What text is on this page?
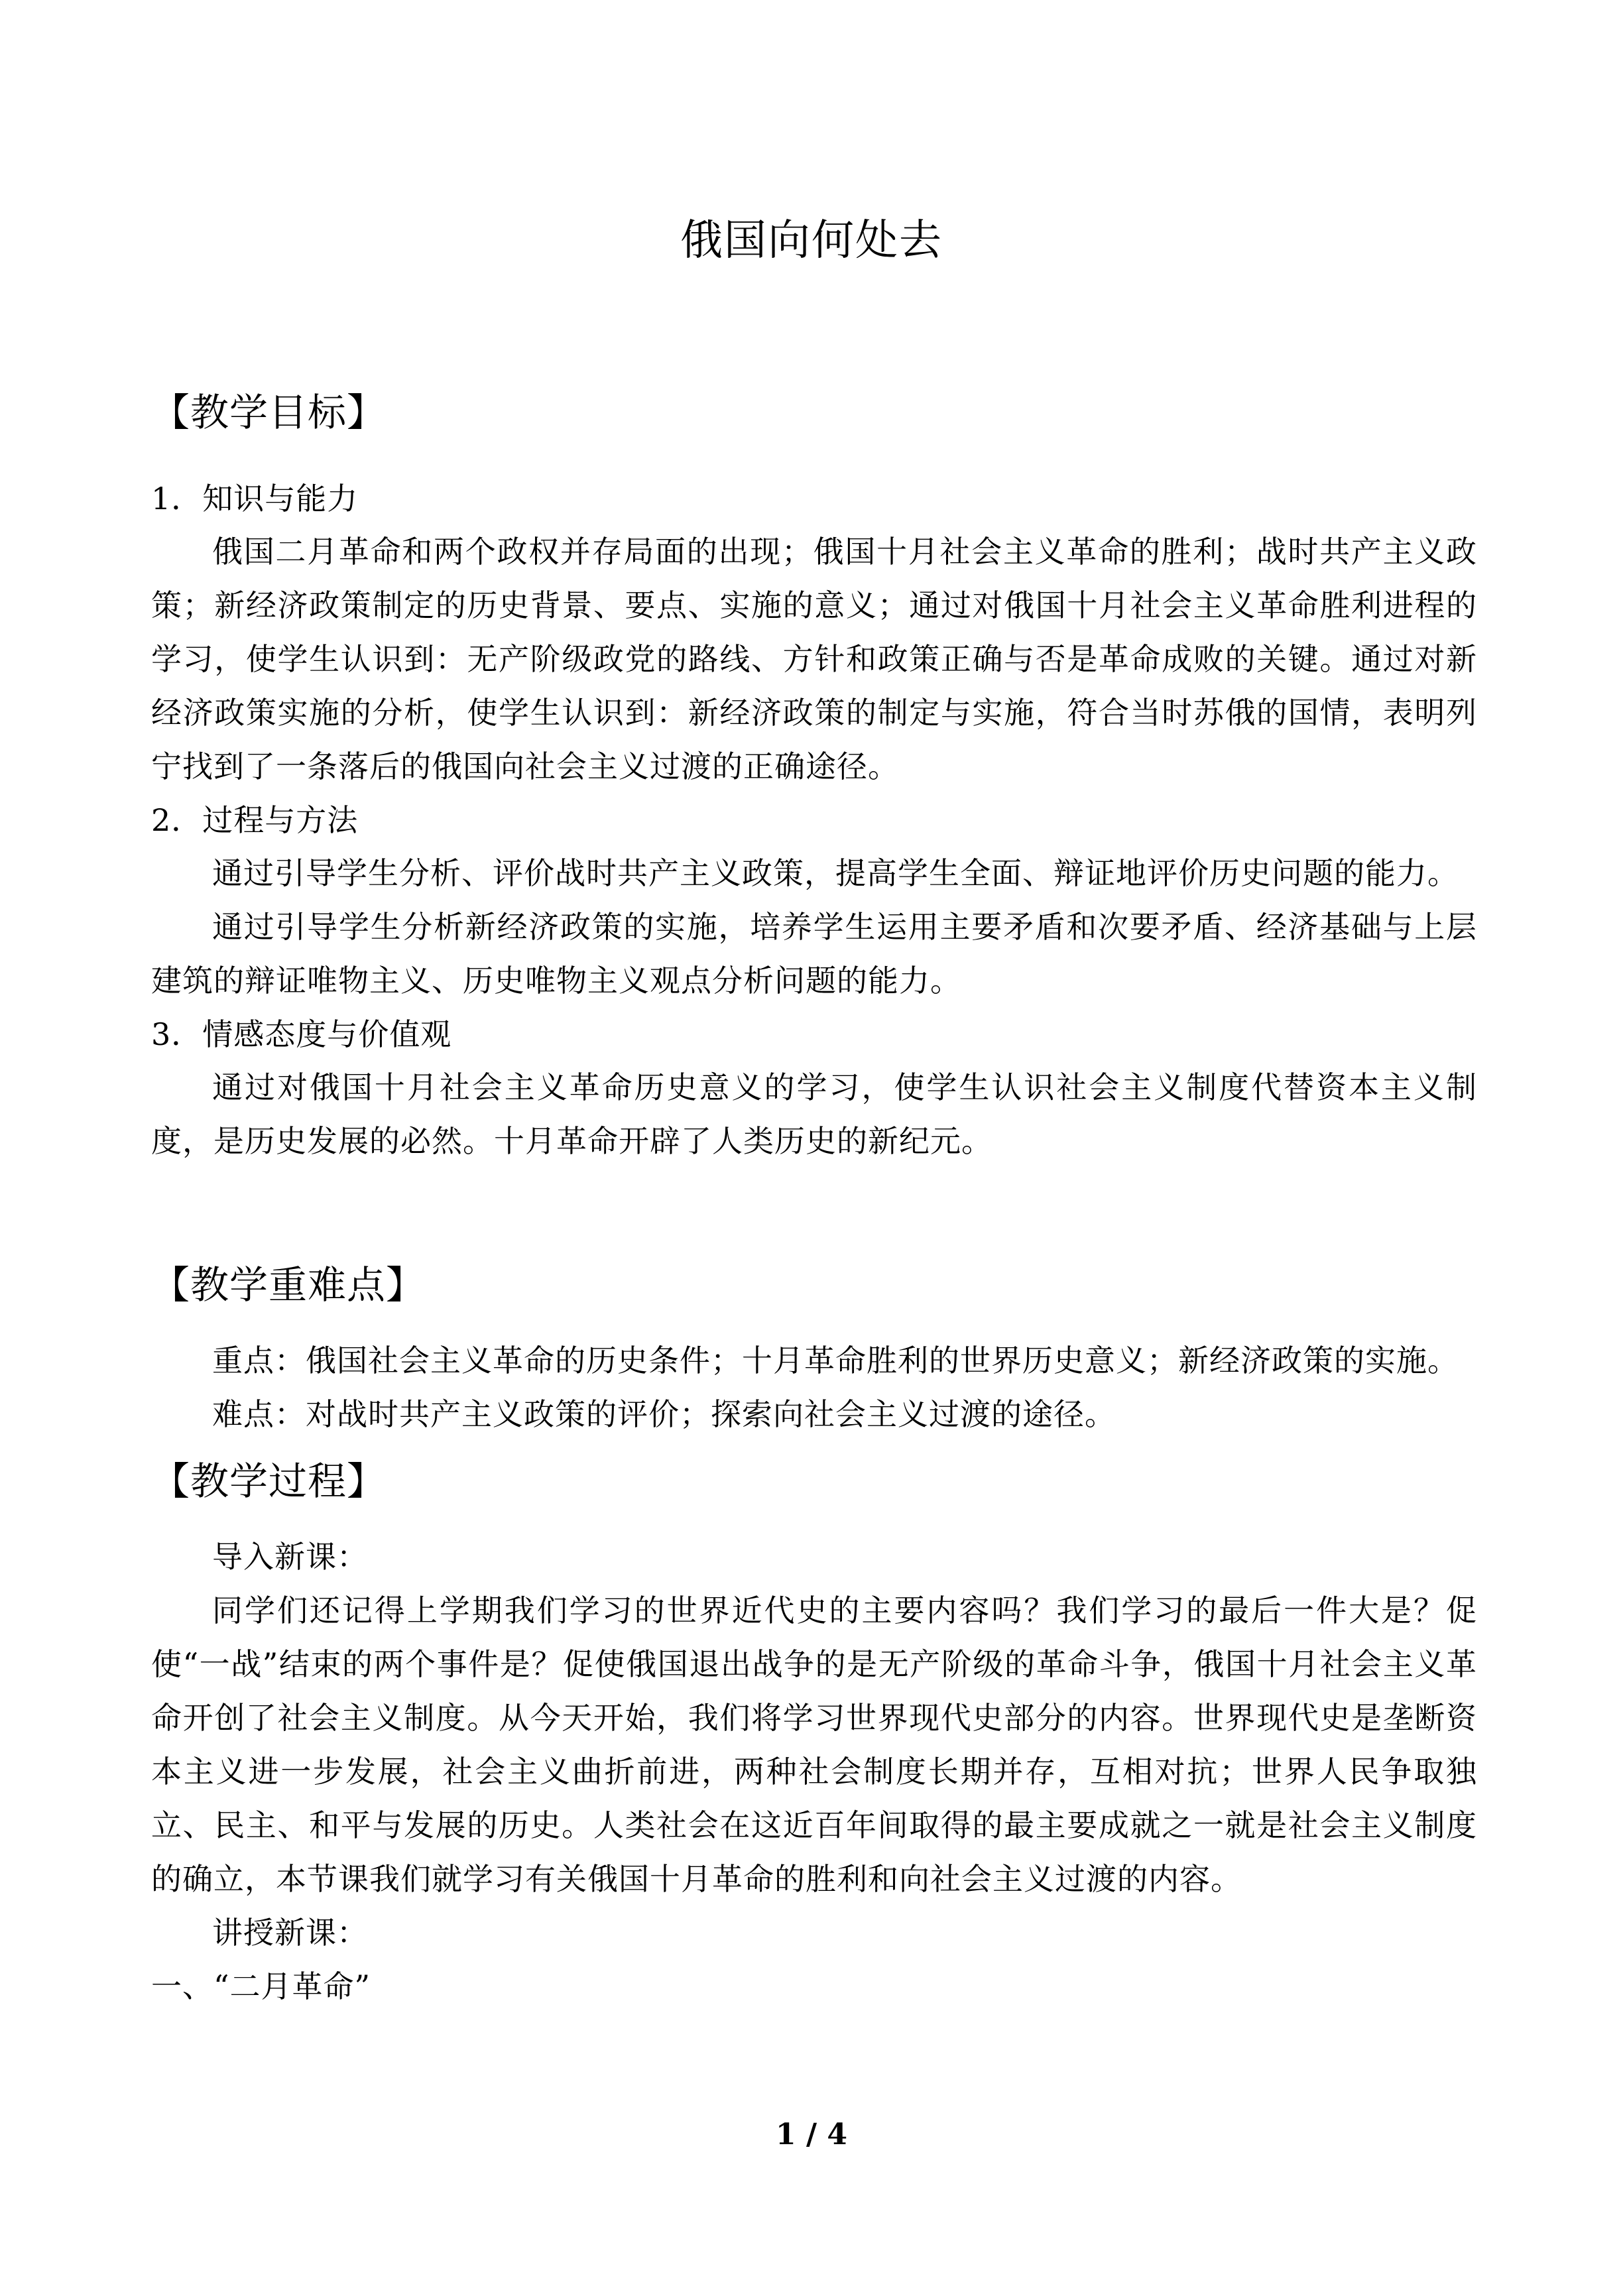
俄国向何处去
【教学目标】

1．知识与能力

俄国二月革命和两个政权并存局面的出现；俄国十月社会主义革命的胜利；战时共产主义政策；新经济政策制定的历史背景、要点、实施的意义；通过对俄国十月社会主义革命胜利进程的学习，使学生认识到：无产阶级政党的路线、方针和政策正确与否是革命成败的关键。通过对新经济政策实施的分析，使学生认识到：新经济政策的制定与实施，符合当时苏俄的国情，表明列宁找到了一条落后的俄国向社会主义过渡的正确途径。

2．过程与方法

通过引导学生分析、评价战时共产主义政策，提高学生全面、辩证地评价历史问题的能力。

通过引导学生分析新经济政策的实施，培养学生运用主要矛盾和次要矛盾、经济基础与上层建筑的辩证唯物主义、历史唯物主义观点分析问题的能力。

3．情感态度与价值观

通过对俄国十月社会主义革命历史意义的学习，使学生认识社会主义制度代替资本主义制度，是历史发展的必然。十月革命开辟了人类历史的新纪元。

【教学重难点】

重点：俄国社会主义革命的历史条件；十月革命胜利的世界历史意义；新经济政策的实施。

难点：对战时共产主义政策的评价；探索向社会主义过渡的途径。

【教学过程】

导入新课：

同学们还记得上学期我们学习的世界近代史的主要内容吗？我们学习的最后一件大是？促使“一战”结束的两个事件是？促使俄国退出战争的是无产阶级的革命斗争，俄国十月社会主义革命开创了社会主义制度。从今天开始，我们将学习世界现代史部分的内容。世界现代史是垄断资本主义进一步发展，社会主义曲折前进，两种社会制度长期并存，互相对抗；世界人民争取独立、民主、和平与发展的历史。人类社会在这近百年间取得的最主要成就之一就是社会主义制度的确立，本节课我们就学习有关俄国十月革命的胜利和向社会主义过渡的内容。

讲授新课：

一、“二月革命”

1 / 4
